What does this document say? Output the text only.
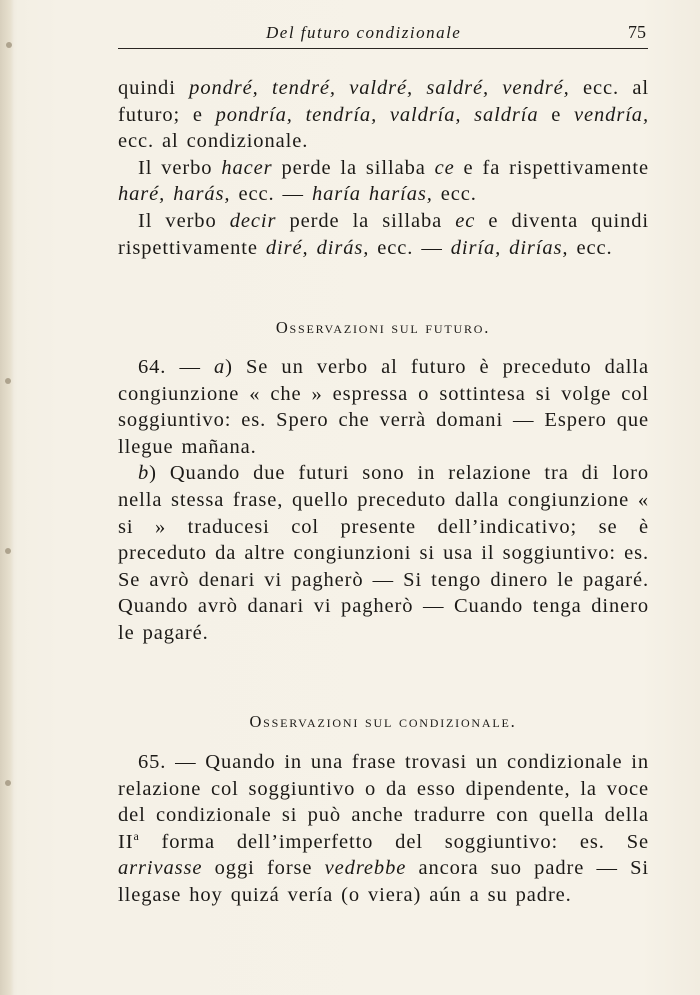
Del futuro condizionale	75

quindi pondré, tendré, valdré, saldré, vendré, ecc. al futuro; e pondría, tendría, valdría, saldría e vendría, ecc. al condizionale.

Il verbo hacer perde la sillaba ce e fa rispettivamente haré, harás, ecc. — haría harías, ecc.

Il verbo decir perde la sillaba ec e diventa quindi rispettivamente diré, dirás, ecc. — diría, dirías, ecc.

Osservazioni sul futuro.

64. — a) Se un verbo al futuro è preceduto dalla congiunzione « che » espressa o sottintesa si volge col soggiuntivo: es. Spero che verrà domani — Espero que llegue mañana.

b) Quando due futuri sono in relazione tra di loro nella stessa frase, quello preceduto dalla congiunzione « si » traducesi col presente dell’indicativo; se è preceduto da altre congiunzioni si usa il soggiuntivo: es. Se avrò denari vi pagherò — Si tengo dinero le pagaré. Quando avrò danari vi pagherò — Cuando tenga dinero le pagaré.

Osservazioni sul condizionale.

65. — Quando in una frase trovasi un condizionale in relazione col soggiuntivo o da esso dipendente, la voce del condizionale si può anche tradurre con quella della $II^a$ forma dell’imperfetto del soggiuntivo: es. Se arrivasse oggi forse vedrebbe ancora suo padre — Si llegase hoy quizá vería (o viera) aún a su padre.
